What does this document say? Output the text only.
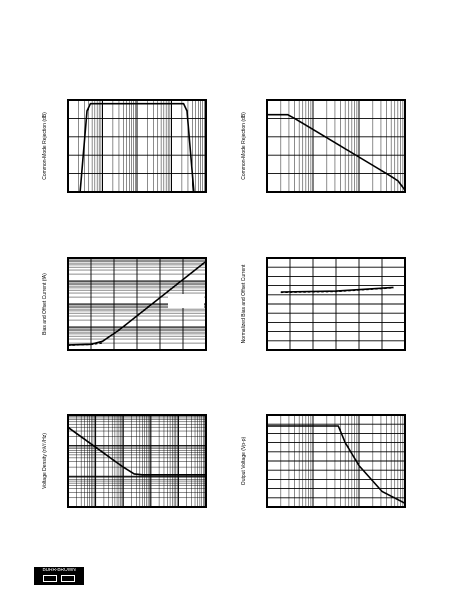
Common-Mode Rejection (dB)	Common-Mode Rejection (dB)
Bias and Offset Current (fA)	Normalized Bias and Offset Current
Voltage Density (nV/√Hz)	Output Voltage (Vp-p)
BURR-BROWN
